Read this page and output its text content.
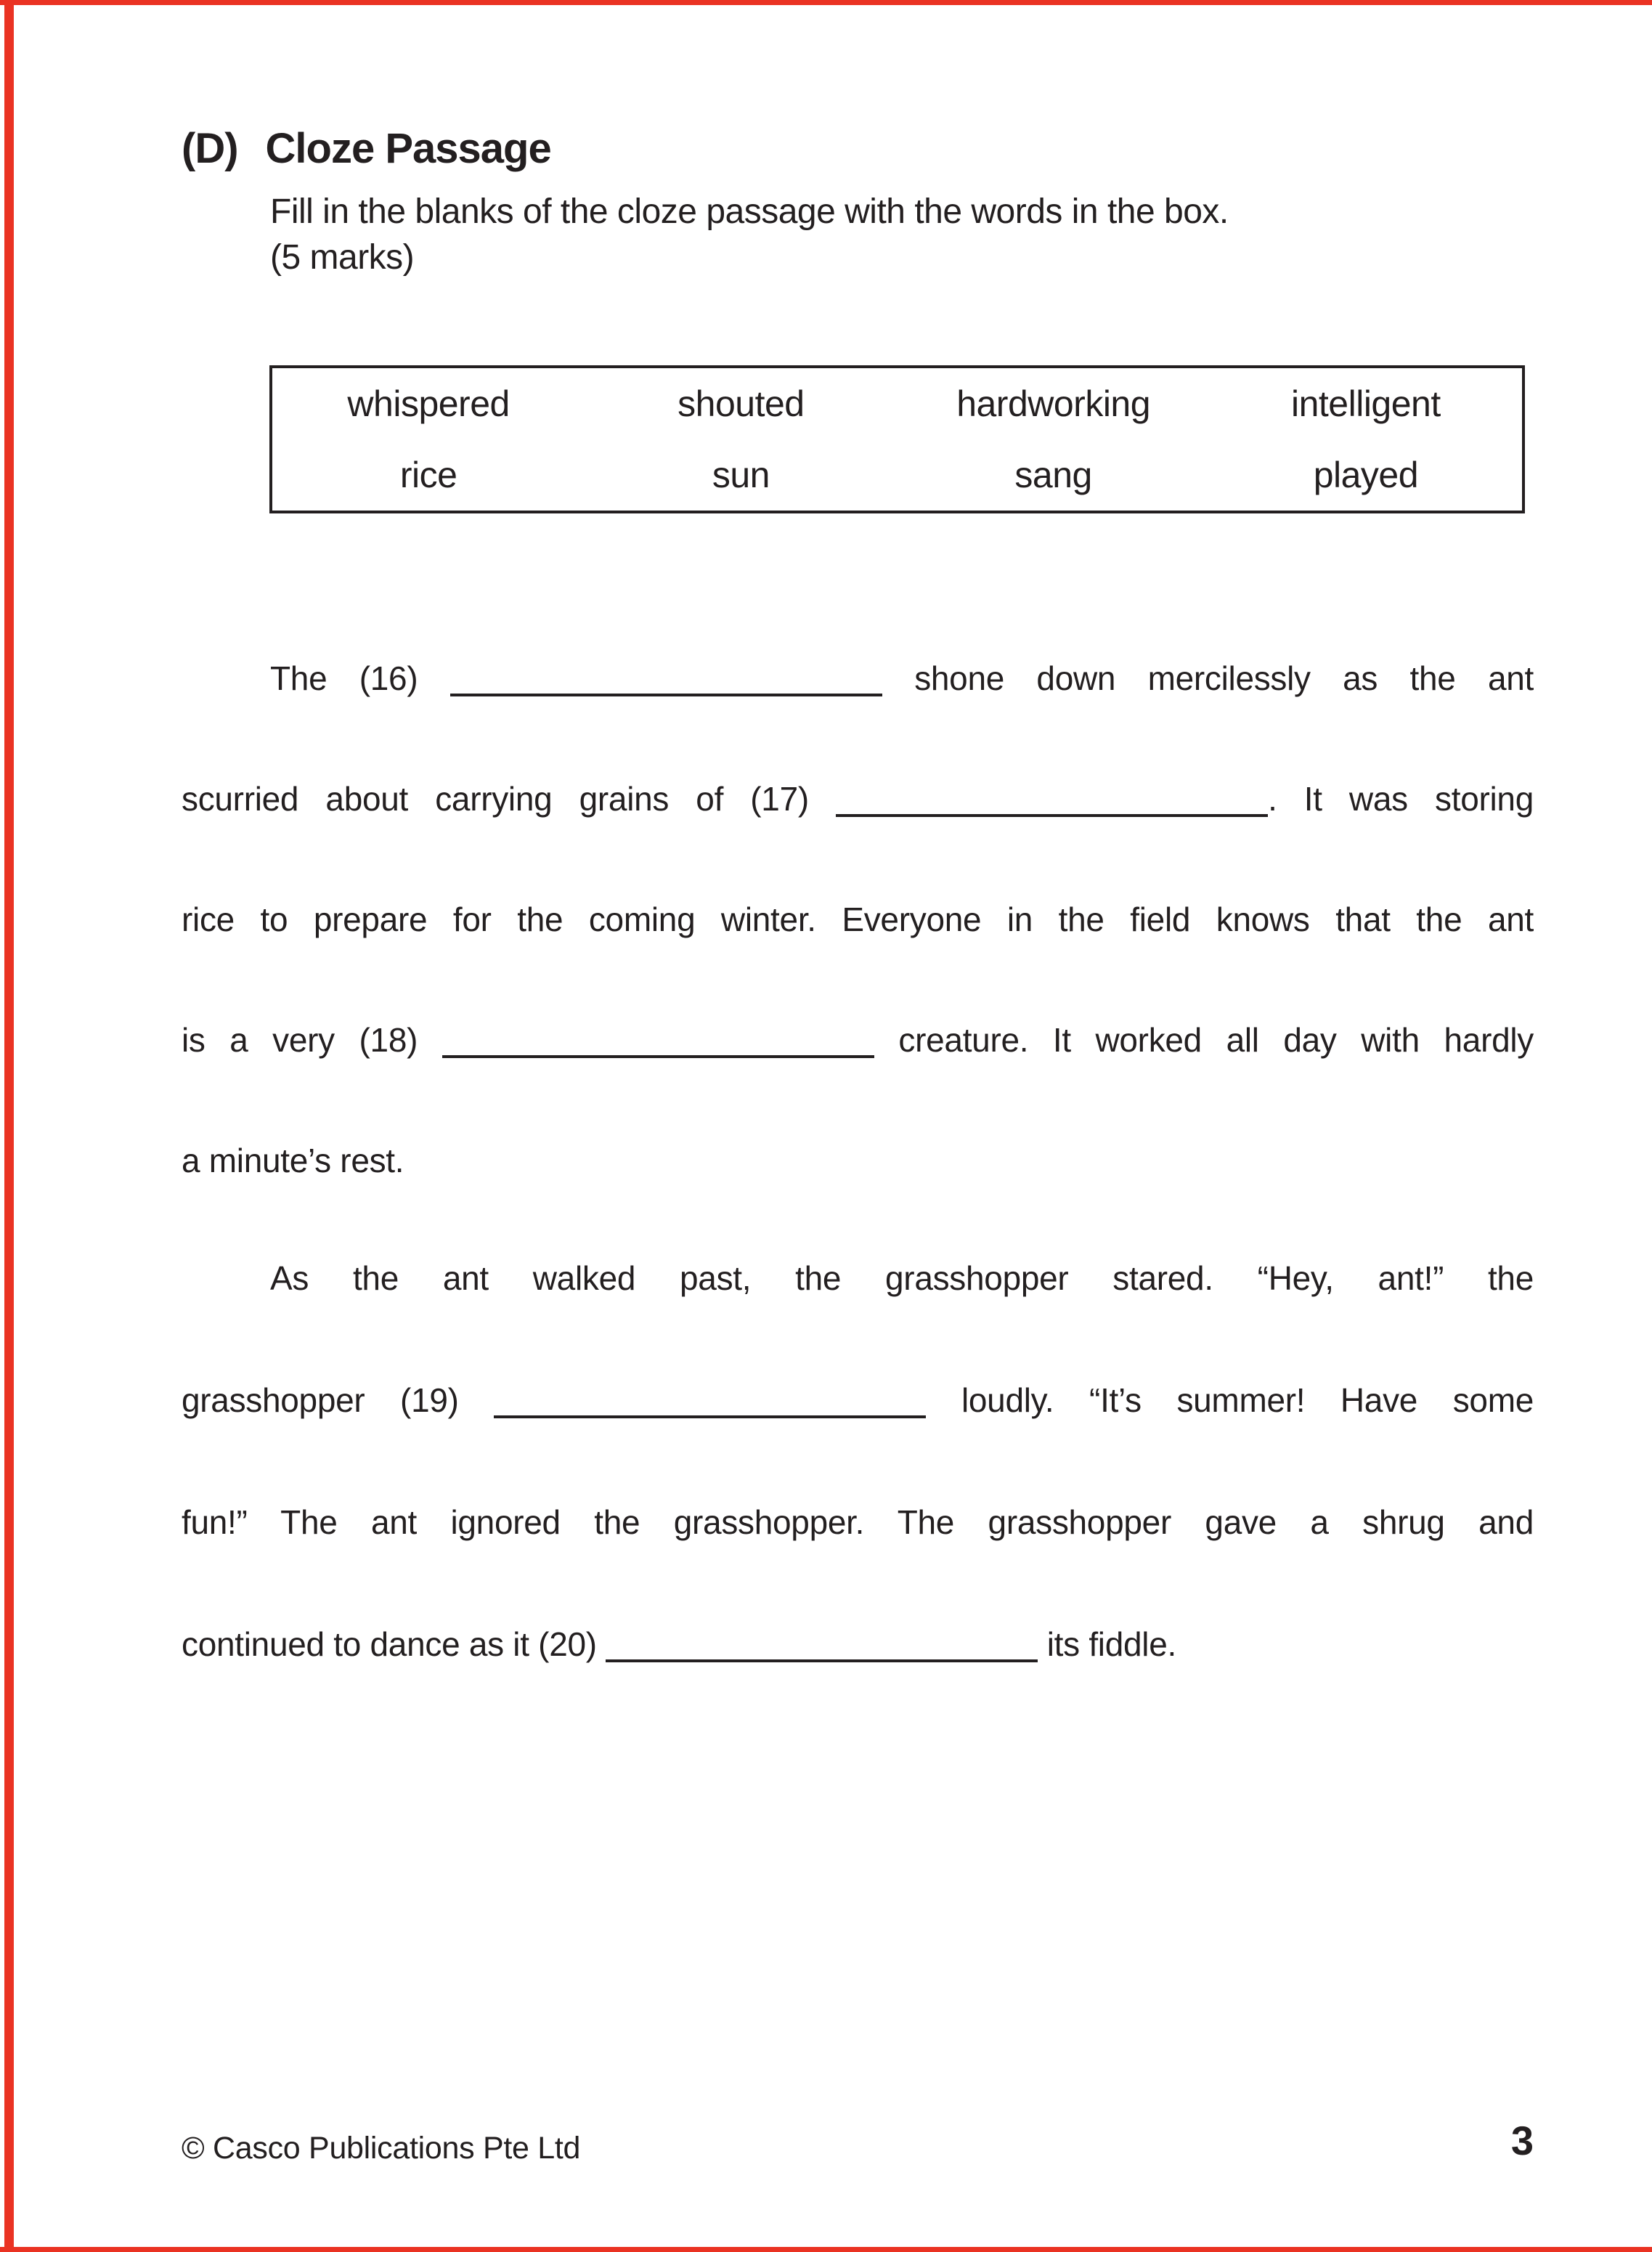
(D) Cloze Passage
Fill in the blanks of the cloze passage with the words in the box.
(5 marks)
whispered	shouted	hardworking	intelligent
rice	sun	sang	played
The (16)	shone down mercilessly as the ant
scurried about carrying grains of (17)	. It was storing
rice to prepare for the coming winter. Everyone in the field knows that the ant
is a very (18)	creature. It worked all day with hardly
a minute’s rest.
As the ant walked past, the grasshopper stared. “Hey, ant!” the
grasshopper (19)	loudly. “It’s summer! Have some
fun!” The ant ignored the grasshopper. The grasshopper gave a shrug and
continued to dance as it (20)	its fiddle.
© Casco Publications Pte Ltd	3
